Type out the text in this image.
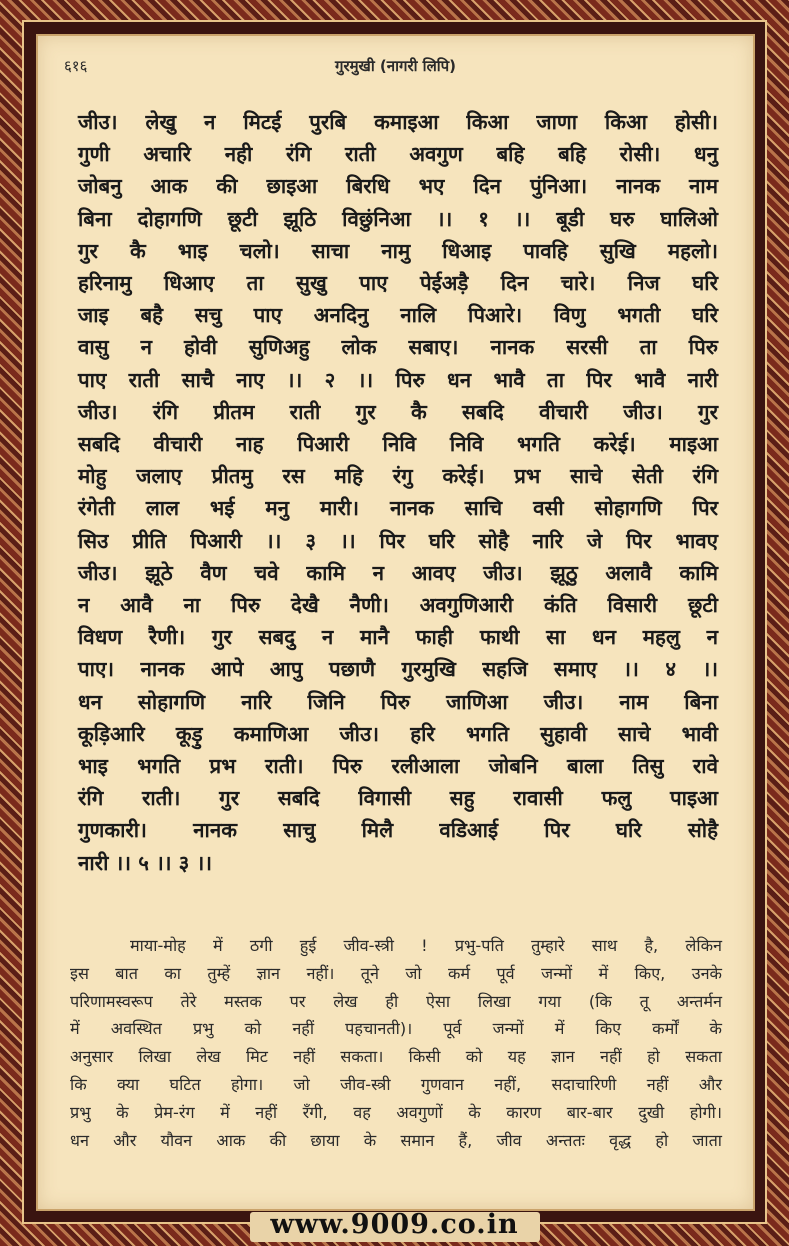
६१६	गुरमुखी (नागरी लिपि)
जीउ। लेखु न मिटई पुरबि कमाइआ किआ जाणा किआ होसी।
गुणी अचारि नही रंगि राती अवगुण बहि बहि रोसी। धनु
जोबनु आक की छाइआ बिरधि भए दिन पुंनिआ। नानक नाम
बिना दोहागणि छूटी झूठि विछुंनिआ ।। १ ।। बूडी घरु घालिओ
गुर कै भाइ चलो। साचा नामु धिआइ पावहि सुखि महलो।
हरिनामु धिआए ता सुखु पाए पेईअड़ै दिन चारे। निज घरि
जाइ बहै सचु पाए अनदिनु नालि पिआरे। विणु भगती घरि
वासु न होवी सुणिअहु लोक सबाए। नानक सरसी ता पिरु
पाए राती साचै नाए ।। २ ।। पिरु धन भावै ता पिर भावै नारी
जीउ। रंगि प्रीतम राती गुर कै सबदि वीचारी जीउ। गुर
सबदि वीचारी नाह पिआरी निवि निवि भगति करेई। माइआ
मोहु जलाए प्रीतमु रस महि रंगु करेई। प्रभ साचे सेती रंगि
रंगेती लाल भई मनु मारी। नानक साचि वसी सोहागणि पिर
सिउ प्रीति पिआरी ।। ३ ।। पिर घरि सोहै नारि जे पिर भावए
जीउ। झूठे वैण चवे कामि न आवए जीउ। झूठु अलावै कामि
न आवै ना पिरु देखै नैणी। अवगुणिआरी कंति विसारी छूटी
विधण रैणी। गुर सबदु न मानै फाही फाथी सा धन महलु न
पाए। नानक आपे आपु पछाणै गुरमुखि सहजि समाए ।। ४ ।।
धन सोहागणि नारि जिनि पिरु जाणिआ जीउ। नाम बिना
कूड़िआरि कूड़ु कमाणिआ जीउ। हरि भगति सुहावी साचे भावी
भाइ भगति प्रभ राती। पिरु रलीआला जोबनि बाला तिसु रावे
रंगि राती। गुर सबदि विगासी सहु रावासी फलु पाइआ
गुणकारी। नानक साचु मिलै वडिआई पिर घरि सोहै
नारी ।। ५ ।। ३ ।।
माया-मोह में ठगी हुई जीव-स्त्री ! प्रभु-पति तुम्हारे साथ है, लेकिन
इस बात का तुम्हें ज्ञान नहीं। तूने जो कर्म पूर्व जन्मों में किए, उनके
परिणामस्वरूप तेरे मस्तक पर लेख ही ऐसा लिखा गया (कि तू अन्तर्मन
में अवस्थित प्रभु को नहीं पहचानती)। पूर्व जन्मों में किए कर्मों के
अनुसार लिखा लेख मिट नहीं सकता। किसी को यह ज्ञान नहीं हो सकता
कि क्या घटित होगा। जो जीव-स्त्री गुणवान नहीं, सदाचारिणी नहीं और
प्रभु के प्रेम-रंग में नहीं रँगी, वह अवगुणों के कारण बार-बार दुखी होगी।
धन और यौवन आक की छाया के समान हैं, जीव अन्ततः वृद्ध हो जाता
www.9009.co.in
